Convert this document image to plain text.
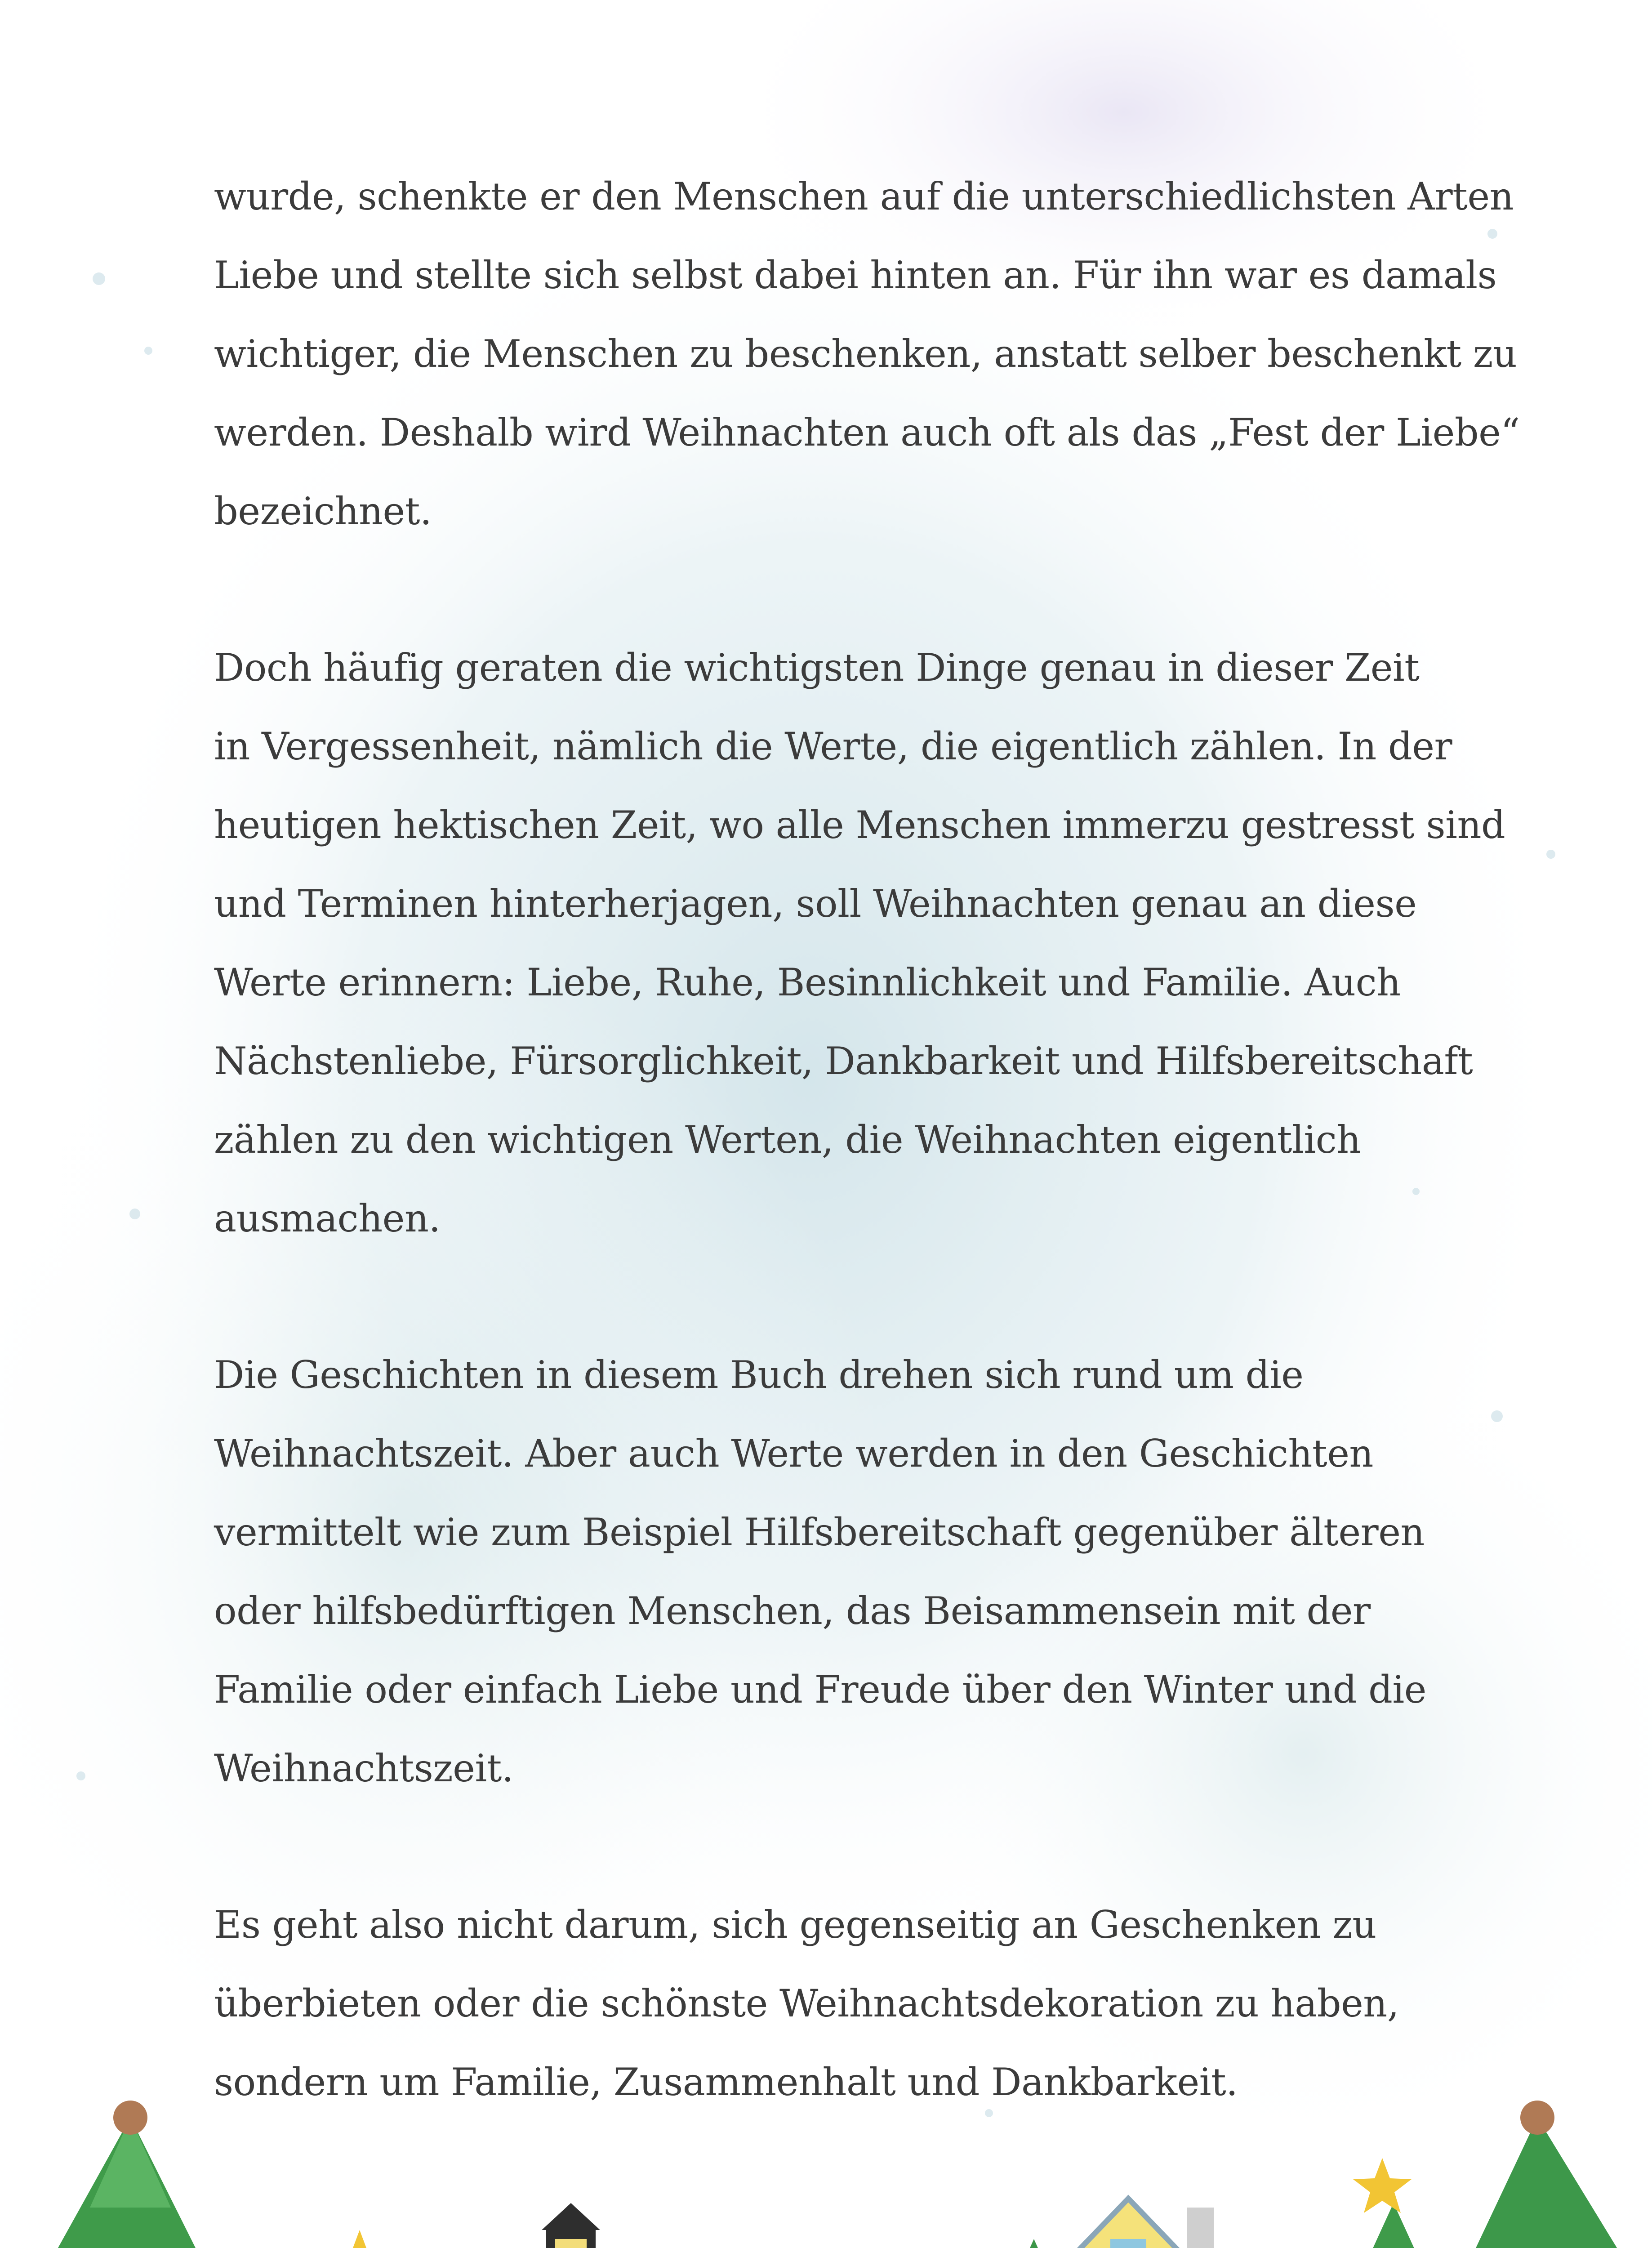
wurde, schenkte er den Menschen auf die unterschiedlichsten Arten
Liebe und stellte sich selbst dabei hinten an. Für ihn war es damals
wichtiger, die Menschen zu beschenken, anstatt selber beschenkt zu
werden. Deshalb wird Weihnachten auch oft als das „Fest der Liebe“
bezeichnet.

Doch häufig geraten die wichtigsten Dinge genau in dieser Zeit
in Vergessenheit, nämlich die Werte, die eigentlich zählen. In der
heutigen hektischen Zeit, wo alle Menschen immerzu gestresst sind
und Terminen hinterherjagen, soll Weihnachten genau an diese
Werte erinnern: Liebe, Ruhe, Besinnlichkeit und Familie. Auch
Nächstenliebe, Fürsorglichkeit, Dankbarkeit und Hilfsbereitschaft
zählen zu den wichtigen Werten, die Weihnachten eigentlich
ausmachen.

Die Geschichten in diesem Buch drehen sich rund um die
Weihnachtszeit. Aber auch Werte werden in den Geschichten
vermittelt wie zum Beispiel Hilfsbereitschaft gegenüber älteren
oder hilfsbedürftigen Menschen, das Beisammensein mit der
Familie oder einfach Liebe und Freude über den Winter und die
Weihnachtszeit.

Es geht also nicht darum, sich gegenseitig an Geschenken zu
überbieten oder die schönste Weihnachtsdekoration zu haben,
sondern um Familie, Zusammenhalt und Dankbarkeit.
